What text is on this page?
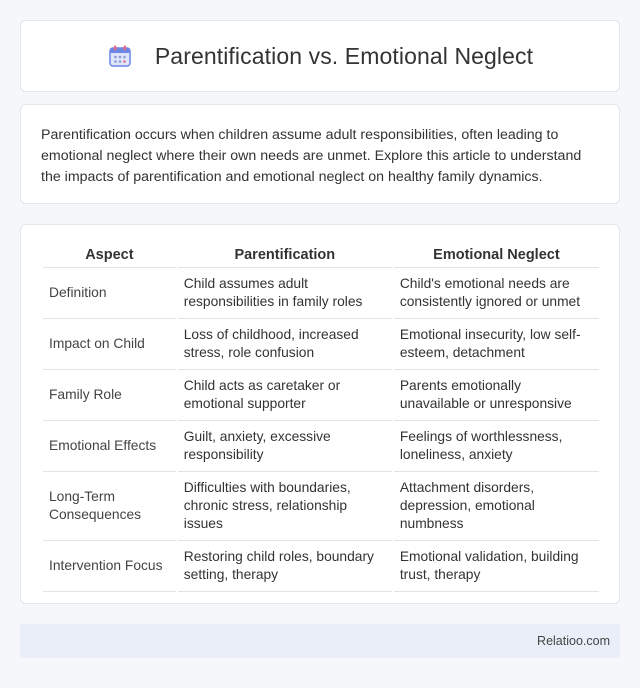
Parentification vs. Emotional Neglect

Parentification occurs when children assume adult responsibilities, often leading to emotional neglect where their own needs are unmet. Explore this article to understand the impacts of parentification and emotional neglect on healthy family dynamics.

Aspect	Parentification	Emotional Neglect
Definition	Child assumes adult responsibilities in family roles	Child's emotional needs are consistently ignored or unmet
Impact on Child	Loss of childhood, increased stress, role confusion	Emotional insecurity, low self-esteem, detachment
Family Role	Child acts as caretaker or emotional supporter	Parents emotionally unavailable or unresponsive
Emotional Effects	Guilt, anxiety, excessive responsibility	Feelings of worthlessness, loneliness, anxiety
Long-Term Consequences	Difficulties with boundaries, chronic stress, relationship issues	Attachment disorders, depression, emotional numbness
Intervention Focus	Restoring child roles, boundary setting, therapy	Emotional validation, building trust, therapy
Relatioo.com
